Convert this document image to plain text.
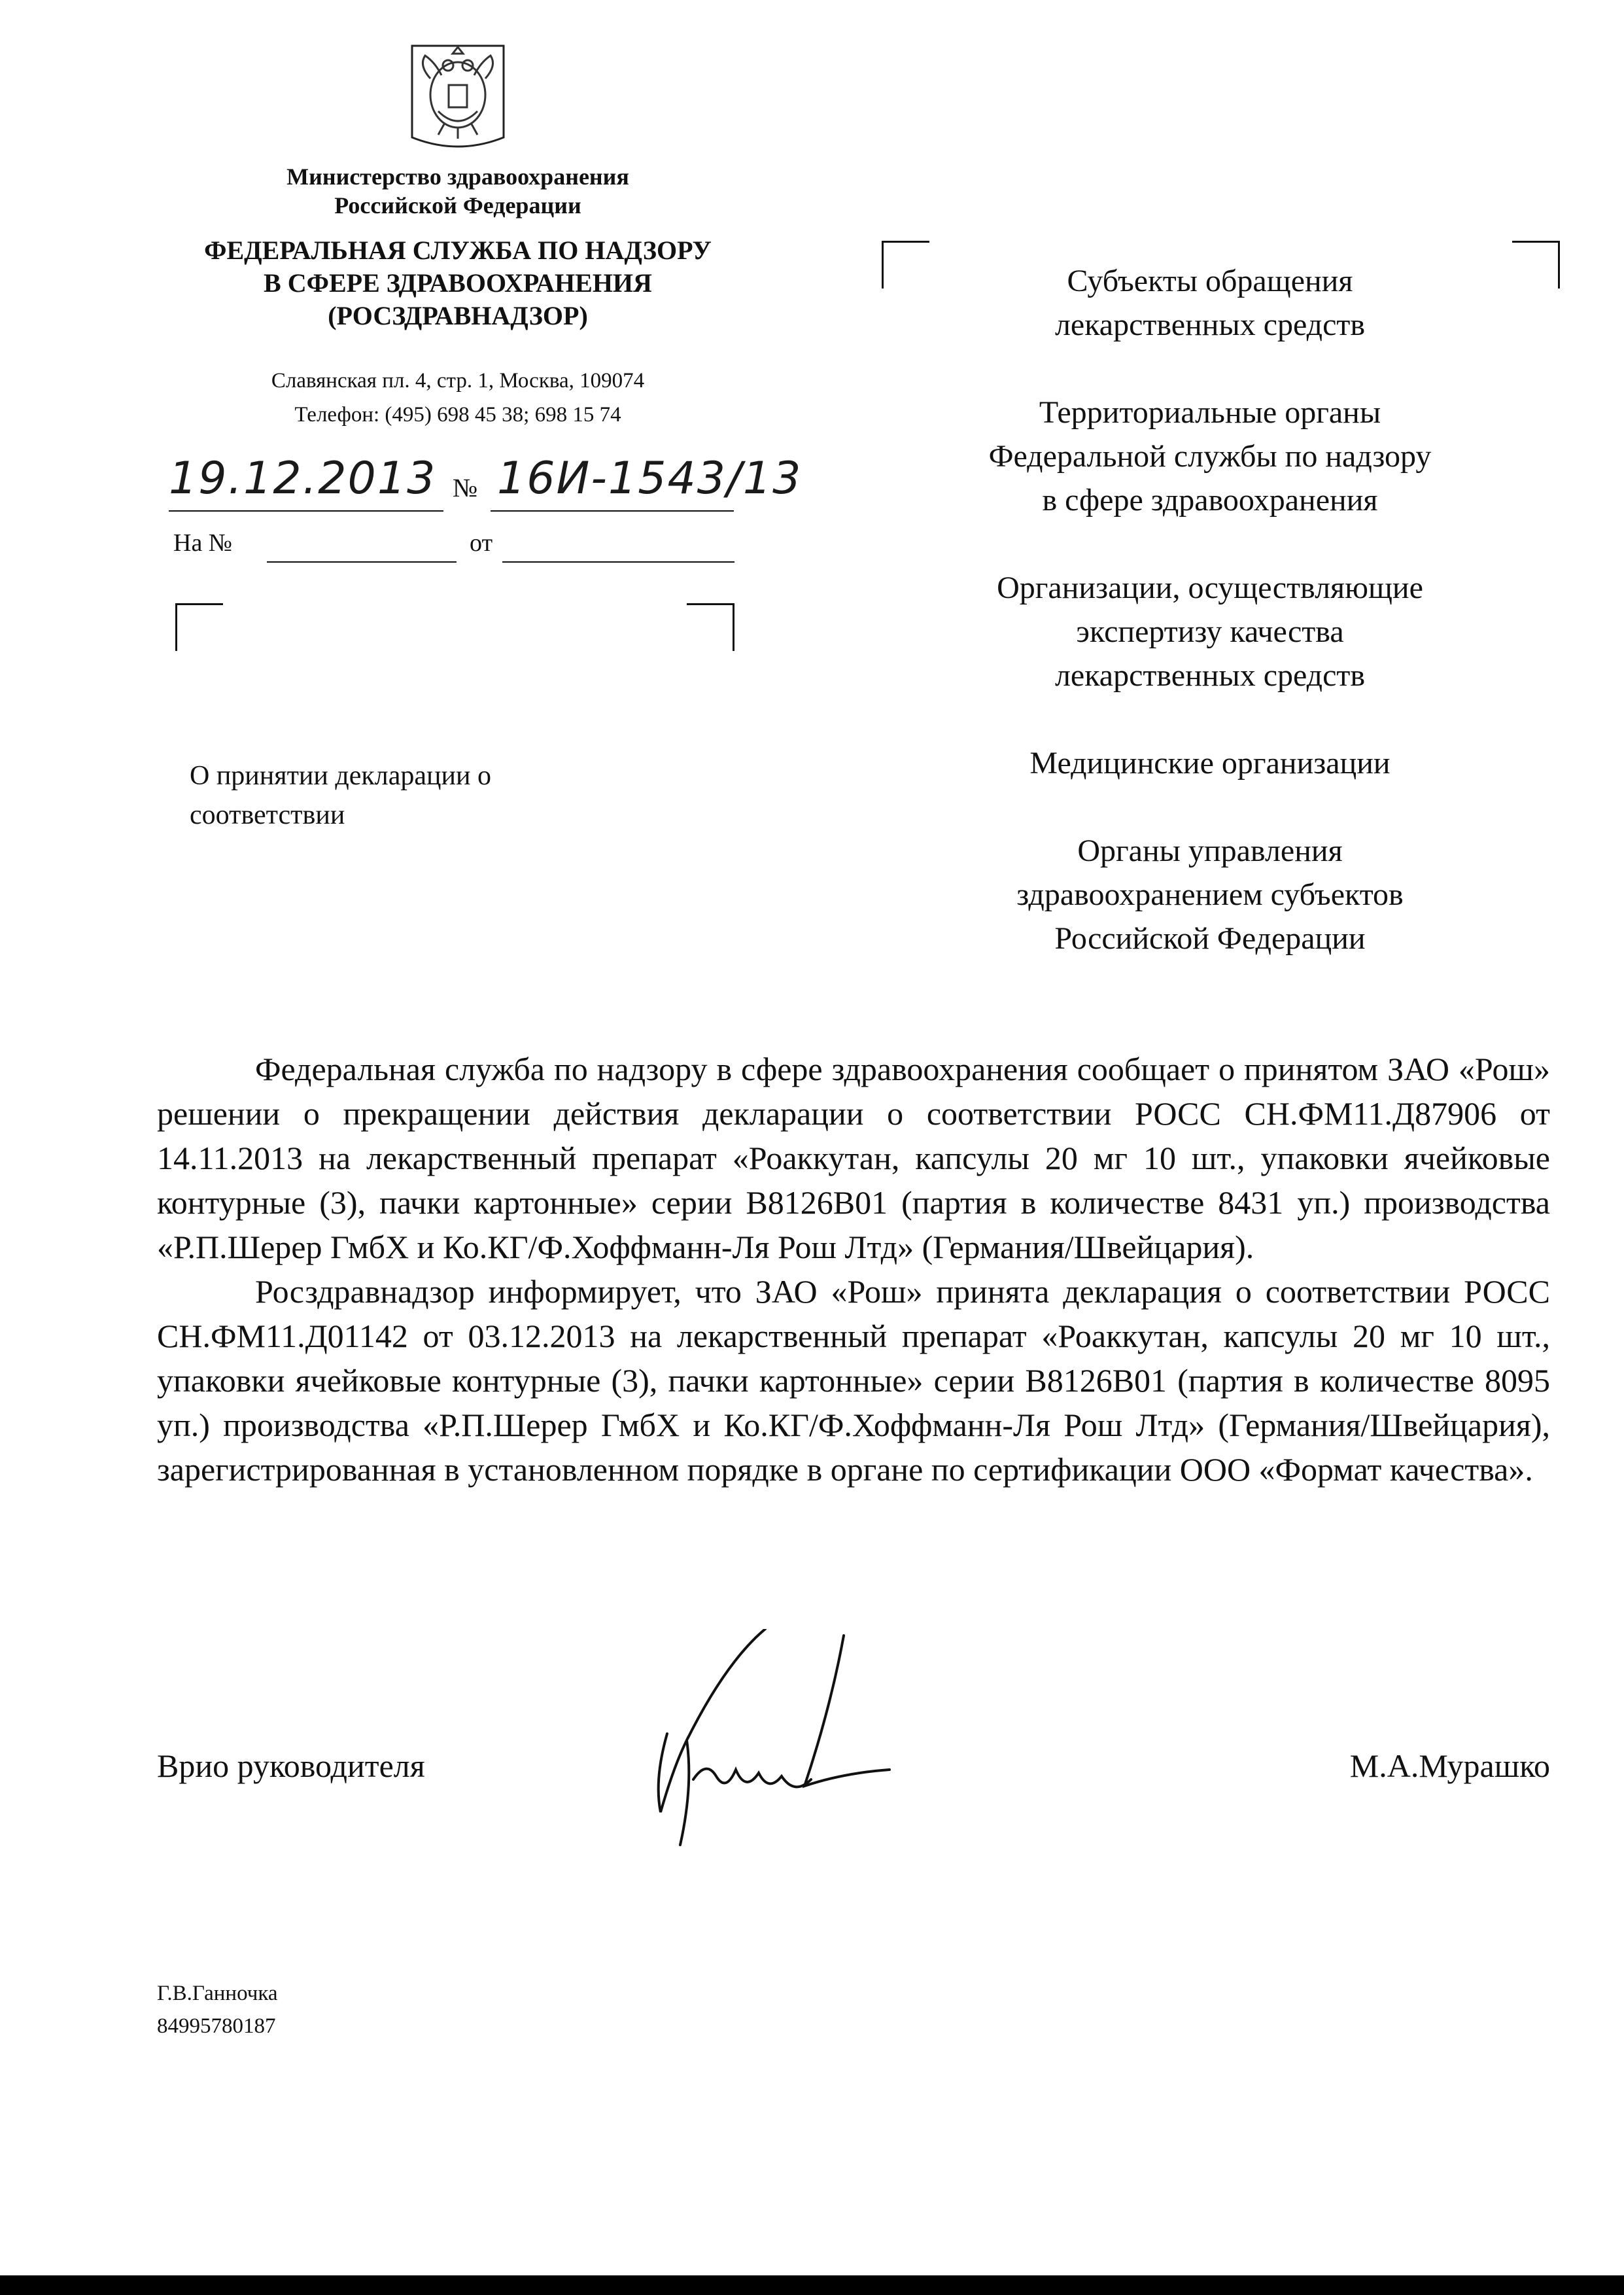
Министерство здравоохранения
Российской Федерации
ФЕДЕРАЛЬНАЯ СЛУЖБА ПО НАДЗОРУ
В СФЕРЕ ЗДРАВООХРАНЕНИЯ
(РОСЗДРАВНАДЗОР)
Славянская пл. 4, стр. 1, Москва, 109074
Телефон: (495) 698 45 38; 698 15 74
19.12.2013 № 16И-1543/13
На №	от
Субъекты обращения
лекарственных средств
Территориальные органы
Федеральной службы по надзору
в сфере здравоохранения
Организации, осуществляющие
экспертизу качества
лекарственных средств
Медицинские организации
Органы управления
здравоохранением субъектов
Российской Федерации
О принятии декларации о
соответствии

Федеральная служба по надзору в сфере здравоохранения сообщает о принятом ЗАО «Рош» решении о прекращении действия декларации о соответствии РОСС СН.ФМ11.Д87906 от 14.11.2013 на лекарственный препарат «Роаккутан, капсулы 20 мг 10 шт., упаковки ячейковые контурные (3), пачки картонные» серии В8126В01 (партия в количестве 8431 уп.) производства «Р.П.Шерер ГмбХ и Ко.КГ/Ф.Хоффманн-Ля Рош Лтд» (Германия/Швейцария).

Росздравнадзор информирует, что ЗАО «Рош» принята декларация о соответствии РОСС СН.ФМ11.Д01142 от 03.12.2013 на лекарственный препарат «Роаккутан, капсулы 20 мг 10 шт., упаковки ячейковые контурные (3), пачки картонные» серии В8126В01 (партия в количестве 8095 уп.) производства «Р.П.Шерер ГмбХ и Ко.КГ/Ф.Хоффманн-Ля Рош Лтд» (Германия/Швейцария), зарегистрированная в установленном порядке в органе по сертификации ООО «Формат качества».

Врио руководителя	М.А.Мурашко
Г.В.Ганночка
84995780187
